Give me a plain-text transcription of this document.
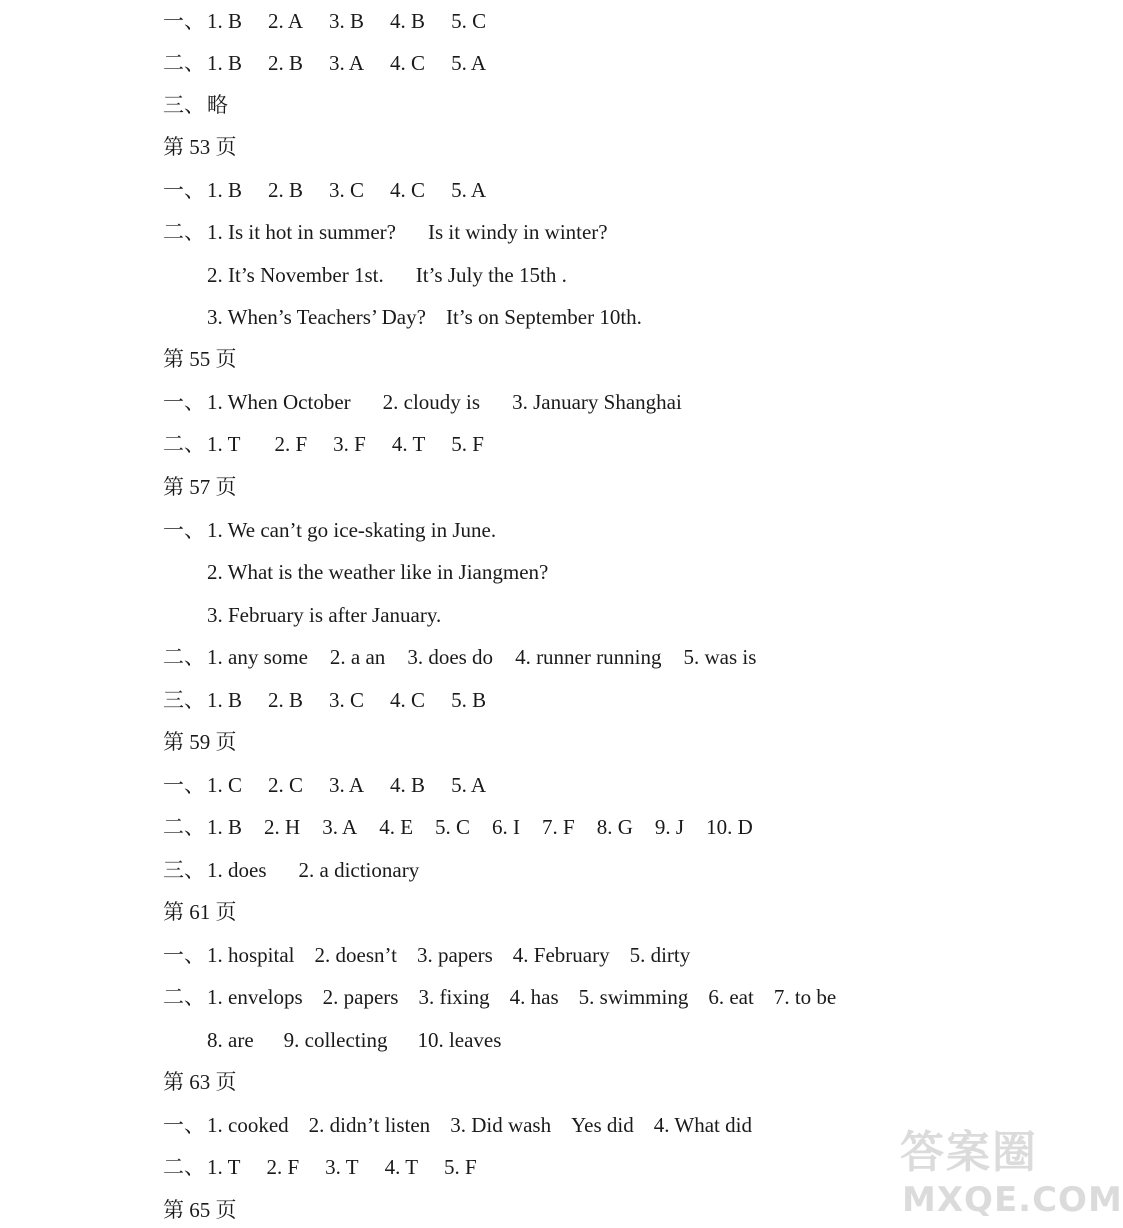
一、1. B 2. A 3. B 4. B 5. C
二、1. B 2. B 3. A 4. C 5. A
三、略
第 53 页
一、1. B 2. B 3. C 4. C 5. A
二、1. Is it hot in summer? Is it windy in winter?
2. It’s November 1st. It’s July the 15th .
3. When’s Teachers’ Day? It’s on September 10th.
第 55 页
一、1. When October 2. cloudy is 3. January Shanghai
二、1. T 2. F 3. F 4. T 5. F
第 57 页
一、1. We can’t go ice-skating in June.
2. What is the weather like in Jiangmen?
3. February is after January.
二、1. any some 2. a an 3. does do 4. runner running 5. was is
三、1. B 2. B 3. C 4. C 5. B
第 59 页
一、1. C 2. C 3. A 4. B 5. A
二、1. B 2. H 3. A 4. E 5. C 6. I 7. F 8. G 9. J 10. D
三、1. does 2. a dictionary
第 61 页
一、1. hospital 2. doesn’t 3. papers 4. February 5. dirty
二、1. envelops 2. papers 3. fixing 4. has 5. swimming 6. eat 7. to be
8. are 9. collecting 10. leaves
第 63 页
一、1. cooked 2. didn’t listen 3. Did wash Yes did 4. What did
二、1. T 2. F 3. T 4. T 5. F
第 65 页
答案圈
MXQE.COM
